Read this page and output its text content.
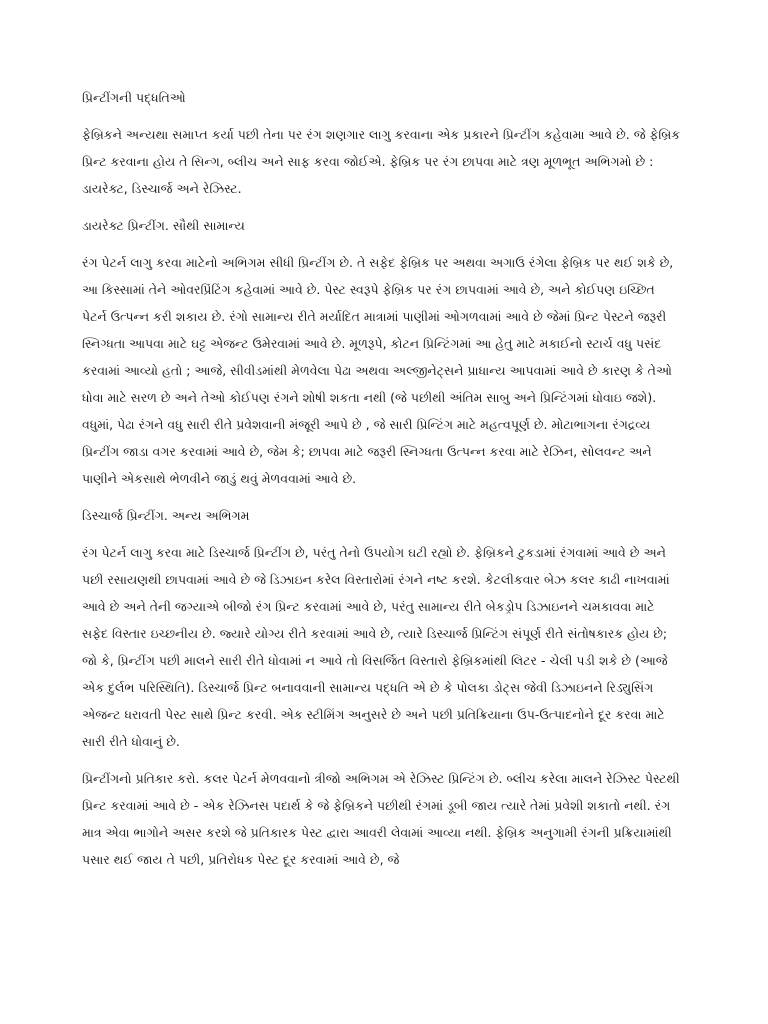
પ્રિન્ટીંગની પદ્ધતિઓ

ફેબ્રિકને અન્યથા સમાપ્ત કર્યા પછી તેના પર રંગ શણગાર લાગુ કરવાના એક પ્રકારને પ્રિન્ટીંગ કહેવામા આવે છે. જે ફેબ્રિક પ્રિન્ટ કરવાના હોય તે સિન્ગ, બ્લીચ અને સાફ કરવા જોઈએ. ફેબ્રિક પર રંગ છાપવા માટે ત્રણ મૂળભૂત અભિગમો છે : ડાયરેક્ટ, ડિસ્ચાર્જ અને રેઝિસ્ટ.

ડાયરેક્ટ પ્રિન્ટીંગ. સૌથી સામાન્ય

રંગ પેટર્ન લાગુ કરવા માટેનો અભિગમ સીધી પ્રિન્ટીંગ છે. તે સફેદ ફેબ્રિક પર અથવા અગાઉ રંગેલા ફેબ્રિક પર થઈ શકે છે, આ કિસ્સામાં તેને ઓવરપ્રિંટિંગ કહેવામાં આવે છે. પેસ્ટ સ્વરૂપે ફેબ્રિક પર રંગ છાપવામાં આવે છે, અને કોઈપણ ઇચ્છિત પેટર્ન ઉત્પન્ન કરી શકાય છે. રંગો સામાન્ય રીતે મર્યાદિત માત્રામાં પાણીમાં ઓગળવામાં આવે છે જેમાં પ્રિન્ટ પેસ્ટને જરૂરી સ્નિગ્ધતા આપવા માટે ઘટ્ટ એજન્ટ ઉમેરવામાં આવે છે. મૂળરૂપે, કોટન પ્રિન્ટિંગમાં આ હેતુ માટે મકાઈનો સ્ટાર્ચ વધુ પસંદ કરવામાં આવ્યો હતો ; આજે, સીવીડમાંથી મેળવેલા પેઢા અથવા અલ્જીનેટ્સને પ્રાધાન્ય આપવામાં આવે છે કારણ કે તેઓ ધોવા માટે સરળ છે અને તેઓ કોઈપણ રંગને શોષી શકતા નથી (જે પછીથી અંતિમ સાબુ અને પ્રિન્ટિંગમાં ધોવાઇ જશે). વધુમાં, પેઢા રંગને વધુ સારી રીતે પ્રવેશવાની મંજૂરી આપે છે , જે સારી પ્રિન્ટિંગ માટે મહત્વપૂર્ણ છે. મોટાભાગના રંગદ્રવ્ય પ્રિન્ટીંગ જાડા વગર કરવામાં આવે છે, જેમ કે; છાપવા માટે જરૂરી સ્નિગ્ધતા ઉત્પન્ન કરવા માટે રેઝિન, સોલવન્ટ અને પાણીને એકસાથે ભેળવીને જાડું થવું મેળવવામાં આવે છે.

ડિસ્ચાર્જ પ્રિન્ટીંગ. અન્ય અભિગમ

રંગ પેટર્ન લાગુ કરવા માટે ડિસ્ચાર્જ પ્રિન્ટીંગ છે, પરંતુ તેનો ઉપયોગ ઘટી રહ્યો છે. ફેબ્રિકને ટુકડામાં રંગવામાં આવે છે અને પછી રસાયણથી છાપવામાં આવે છે જે ડિઝાઇન કરેલ વિસ્તારોમાં રંગને નષ્ટ કરશે. કેટલીકવાર બેઝ કલર કાઢી નાખવામાં આવે છે અને તેની જગ્યાએ બીજો રંગ પ્રિન્ટ કરવામાં આવે છે, પરંતુ સામાન્ય રીતે બેકડ્રોપ ડિઝાઇનને ચમકાવવા માટે સફેદ વિસ્તાર ઇચ્છનીય છે. જ્યારે યોગ્ય રીતે કરવામાં આવે છે, ત્યારે ડિસ્ચાર્જ પ્રિન્ટિંગ સંપૂર્ણ રીતે સંતોષકારક હોય છે; જો કે, પ્રિન્ટીંગ પછી માલને સારી રીતે ધોવામાં ન આવે તો વિસર્જિત વિસ્તારો ફેબ્રિકમાંથી લિટર - ચેલી પડી શકે છે (આજે એક દુર્લભ પરિસ્થિતિ). ડિસ્ચાર્જ પ્રિન્ટ બનાવવાની સામાન્ય પદ્ધતિ એ છે કે પોલકા ડોટ્સ જેવી ડિઝાઇનને રિડ્યુસિંગ એજન્ટ ધરાવતી પેસ્ટ સાથે પ્રિન્ટ કરવી. એક સ્ટીમિંગ અનુસરે છે અને પછી પ્રતિક્રિયાના ઉપ-ઉત્પાદનોને દૂર કરવા માટે સારી રીતે ધોવાનું છે.

પ્રિન્ટીંગનો પ્રતિકાર કરો. કલર પેટર્ન મેળવવાનો ત્રીજો અભિગમ એ રેઝિસ્ટ પ્રિન્ટિંગ છે. બ્લીચ કરેલા માલને રેઝિસ્ટ પેસ્ટથી પ્રિન્ટ કરવામાં આવે છે - એક રેઝિનસ પદાર્થ કે જે ફેબ્રિકને પછીથી રંગમાં ડૂબી જાય ત્યારે તેમાં પ્રવેશી શકાતો નથી. રંગ માત્ર એવા ભાગોને અસર કરશે જે પ્રતિકારક પેસ્ટ દ્વારા આવરી લેવામાં આવ્યા નથી. ફેબ્રિક અનુગામી રંગની પ્રક્રિયામાંથી પસાર થઈ જાય તે પછી, પ્રતિરોધક પેસ્ટ દૂર કરવામાં આવે છે, જે
